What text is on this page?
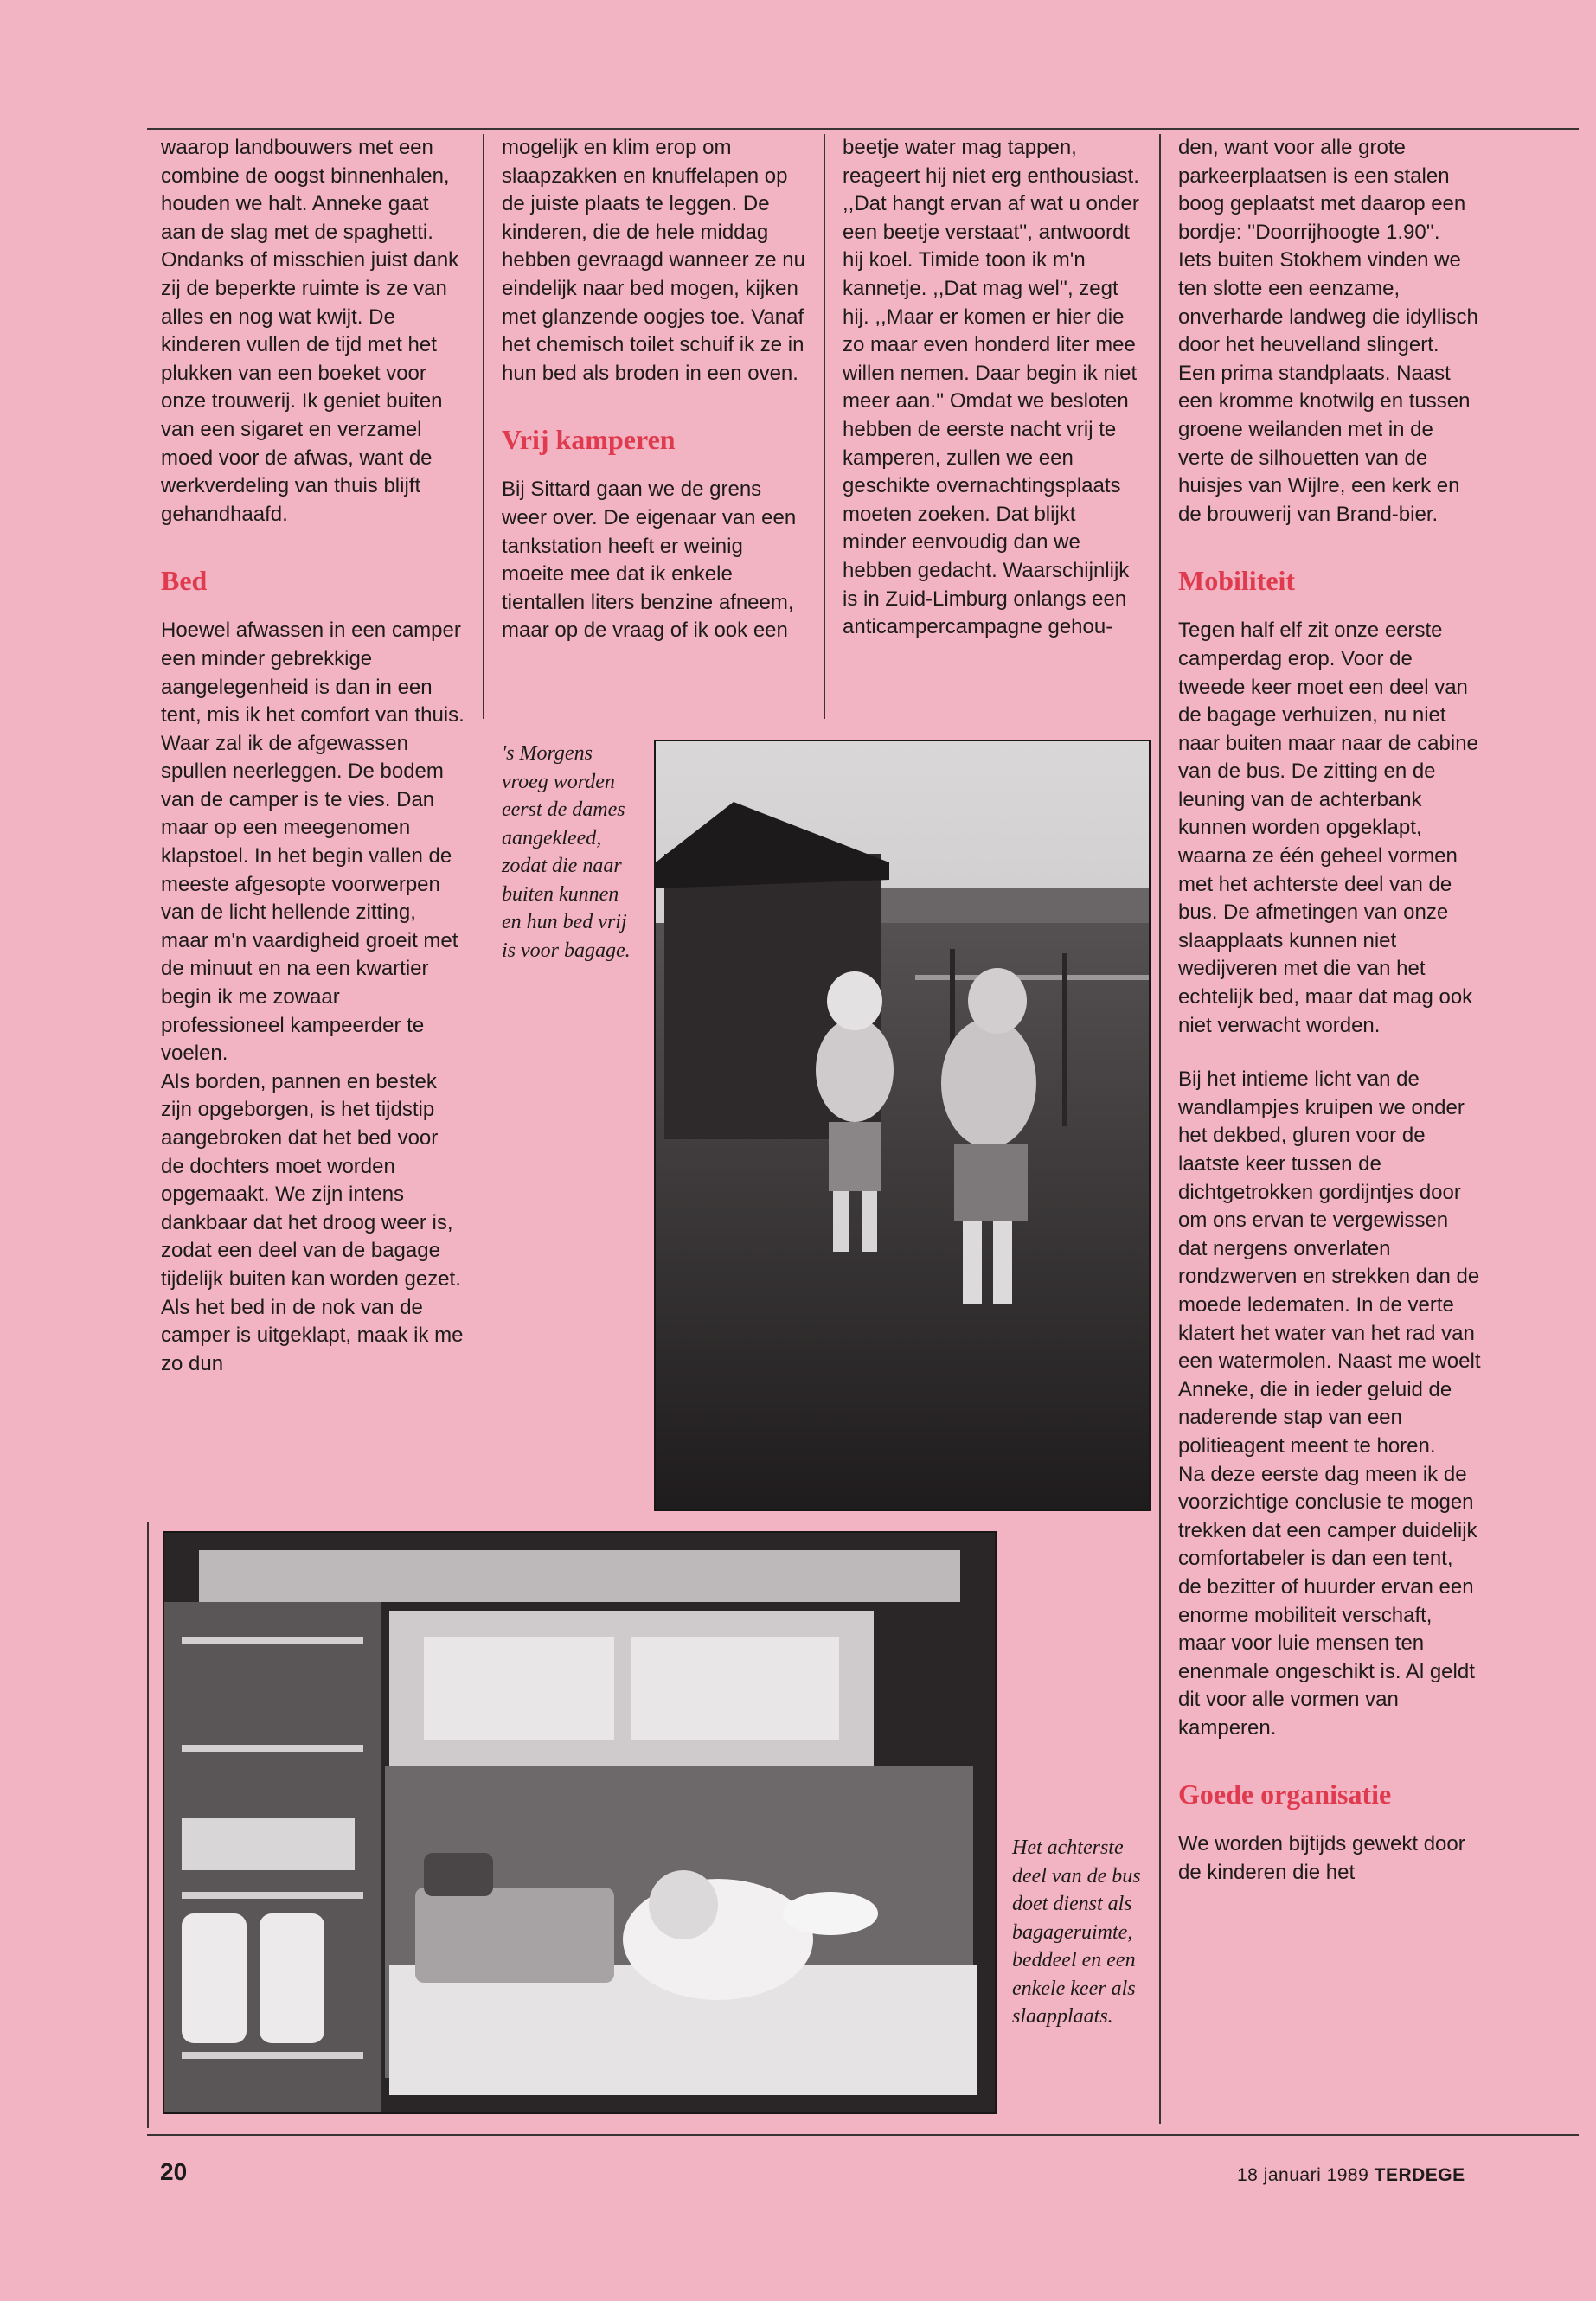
waarop landbouwers met een combine de oogst binnenhalen, houden we halt. Anneke gaat aan de slag met de spaghetti. Ondanks of misschien juist dank zij de beperkte ruimte is ze van alles en nog wat kwijt. De kinderen vullen de tijd met het plukken van een boeket voor onze trouwerij. Ik geniet buiten van een sigaret en verzamel moed voor de afwas, want de werkverdeling van thuis blijft gehandhaafd.

Bed

Hoewel afwassen in een camper een minder gebrekkige aangelegenheid is dan in een tent, mis ik het comfort van thuis. Waar zal ik de afgewassen spullen neerleggen. De bodem van de camper is te vies. Dan maar op een meegenomen klapstoel. In het begin vallen de meeste afgesopte voorwerpen van de licht hellende zitting, maar m'n vaardigheid groeit met de minuut en na een kwartier begin ik me zowaar professioneel kampeerder te voelen.

Als borden, pannen en bestek zijn opgeborgen, is het tijdstip aangebroken dat het bed voor de dochters moet worden opgemaakt. We zijn intens dankbaar dat het droog weer is, zodat een deel van de bagage tijdelijk buiten kan worden gezet. Als het bed in de nok van de camper is uitgeklapt, maak ik me zo dun

mogelijk en klim erop om slaapzakken en knuffelapen op de juiste plaats te leggen. De kinderen, die de hele middag hebben gevraagd wanneer ze nu eindelijk naar bed mogen, kijken met glanzende oogjes toe. Vanaf het chemisch toilet schuif ik ze in hun bed als broden in een oven.

Vrij kamperen

Bij Sittard gaan we de grens weer over. De eigenaar van een tankstation heeft er weinig moeite mee dat ik enkele tientallen liters benzine afneem, maar op de vraag of ik ook een

beetje water mag tappen, reageert hij niet erg enthousiast. ,,Dat hangt ervan af wat u onder een beetje verstaat'', antwoordt hij koel. Timide toon ik m'n kannetje. ,,Dat mag wel'', zegt hij. ,,Maar er komen er hier die zo maar even honderd liter mee willen nemen. Daar begin ik niet meer aan.'' Omdat we besloten hebben de eerste nacht vrij te kamperen, zullen we een geschikte overnachtingsplaats moeten zoeken. Dat blijkt minder eenvoudig dan we hebben gedacht. Waarschijnlijk is in Zuid-Limburg onlangs een anticampercampagne gehou-

den, want voor alle grote parkeerplaatsen is een stalen boog geplaatst met daarop een bordje: ''Doorrijhoogte 1.90''.

Iets buiten Stokhem vinden we ten slotte een eenzame, onverharde landweg die idyllisch door het heuvelland slingert. Een prima standplaats. Naast een kromme knotwilg en tussen groene weilanden met in de verte de silhouetten van de huisjes van Wijlre, een kerk en de brouwerij van Brand-bier.

Mobiliteit

Tegen half elf zit onze eerste camperdag erop. Voor de tweede keer moet een deel van de bagage verhuizen, nu niet naar buiten maar naar de cabine van de bus. De zitting en de leuning van de achterbank kunnen worden opgeklapt, waarna ze één geheel vormen met het achterste deel van de bus. De afmetingen van onze slaapplaats kunnen niet wedijveren met die van het echtelijk bed, maar dat mag ook niet verwacht worden.

Bij het intieme licht van de wandlampjes kruipen we onder het dekbed, gluren voor de laatste keer tussen de dichtgetrokken gordijntjes door om ons ervan te vergewissen dat nergens onverlaten rondzwerven en strekken dan de moede ledematen. In de verte klatert het water van het rad van een watermolen. Naast me woelt Anneke, die in ieder geluid de naderende stap van een politieagent meent te horen.

Na deze eerste dag meen ik de voorzichtige conclusie te mogen trekken dat een camper duidelijk comfortabeler is dan een tent, de bezitter of huurder ervan een enorme mobiliteit verschaft, maar voor luie mensen ten enenmale ongeschikt is. Al geldt dit voor alle vormen van kamperen.

Goede organisatie

We worden bijtijds gewekt door de kinderen die het

's Morgens vroeg worden eerst de dames aangekleed, zodat die naar buiten kunnen en hun bed vrij is voor bagage.
Het achterste deel van de bus doet dienst als bagageruimte, beddeel en een enkele keer als slaapplaats.
20	18 januari 1989 TERDEGE
